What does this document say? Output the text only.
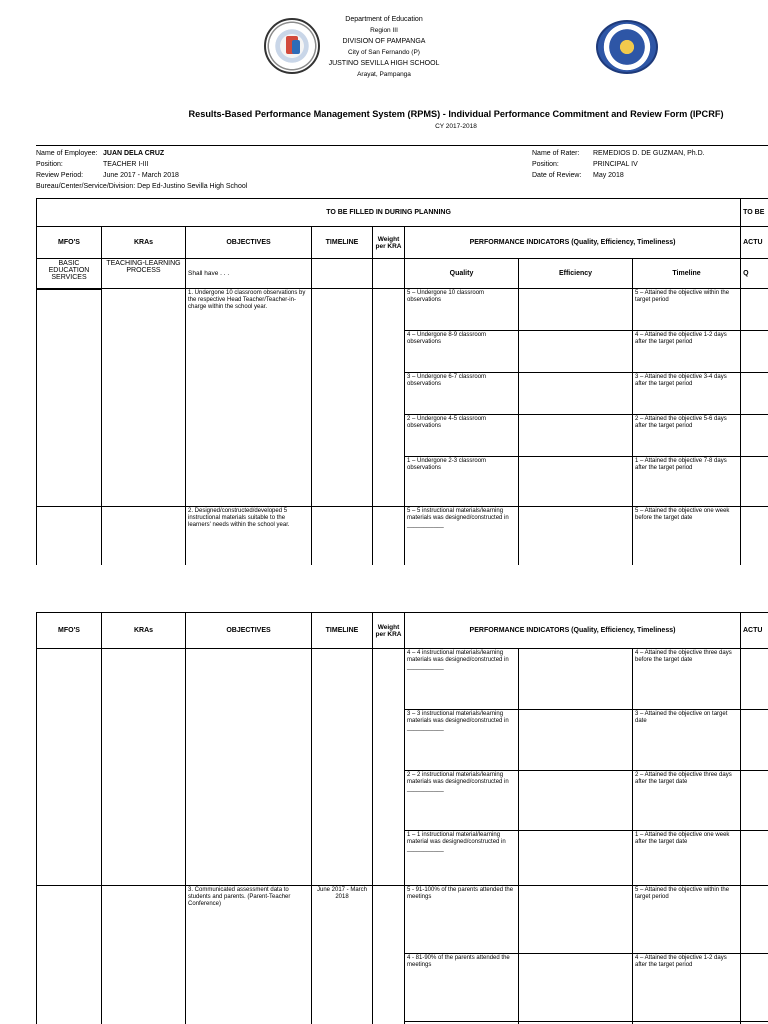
Department of Education
Region III
DIVISION OF PAMPANGA
City of San Fernando (P)
JUSTINO SEVILLA HIGH SCHOOL
Arayat, Pampanga
Results-Based Performance Management System (RPMS) - Individual Performance Commitment and Review Form (IPCRF)
CY 2017-2018
Name of Employee: JUAN DELA CRUZ
Position:	TEACHER I-III
Review Period:	June 2017 - March 2018
Bureau/Center/Service/Division: Dep Ed-Justino Sevilla High School
Name of Rater: REMEDIOS D. DE GUZMAN, Ph.D.
Position:	PRINCIPAL IV
Date of Review: May 2018
TO BE FILLED IN DURING PLANNING								TO BE
MFO'S	KRAs	OBJECTIVES	TIMELINE	Weight per KRA	PERFORMANCE INDICATORS (Quality, Efficiency, Timeliness)			ACTU
BASIC EDUCATION SERVICES	TEACHING-LEARNING PROCESS	Shall have . . .			Quality	Efficiency	Timeline	Q

		1. Undergone 10 classroom observations by the respective Head Teacher/Teacher-in-charge within the school year.			5 – Undergone 10 classroom observations		5 – Attained the objective within the target period	
					4 – Undergone 8-9 classroom observations		4 – Attained the objective 1-2 days after the target period	
					3 – Undergone 6-7 classroom observations		3 – Attained the objective 3-4 days after the target period	
					2 – Undergone 4-5 classroom observations		2 – Attained the objective 5-6 days after the target period	
					1 – Undergone 2-3 classroom observations		1 – Attained the objective 7-8 days after the target period	
		2. Designed/constructed/developed 5 instructional materials suitable to the learners' needs within the school year.			5 – 5 instructional materials/learning materials was designed/constructed in ___________		5 – Attained the objective one week before the target date	
MFO'S	KRAs	OBJECTIVES	TIMELINE	Weight per KRA	PERFORMANCE INDICATORS (Quality, Efficiency, Timeliness)			ACTU
					4 – 4 instructional materials/learning materials was designed/constructed in ___________		4 – Attained the objective three days before the target date	
					3 – 3 instructional materials/learning materials was designed/constructed in ___________		3 – Attained the objective on target date	
					2 – 2 instructional materials/learning materials was designed/constructed in ___________		2 – Attained the objective three days after the target date	
					1 – 1 instructional material/learning material was designed/constructed in ___________		1 – Attained the objective one week after the target date	
		3. Communicated assessment data to students and parents. (Parent-Teacher Conference)	June 2017 - March 2018		5 - 91-100% of the parents attended the meetings		5 – Attained the objective within the target period	
					4 - 81-90% of the parents attended the meetings		4 – Attained the objective 1-2 days after the target period	
